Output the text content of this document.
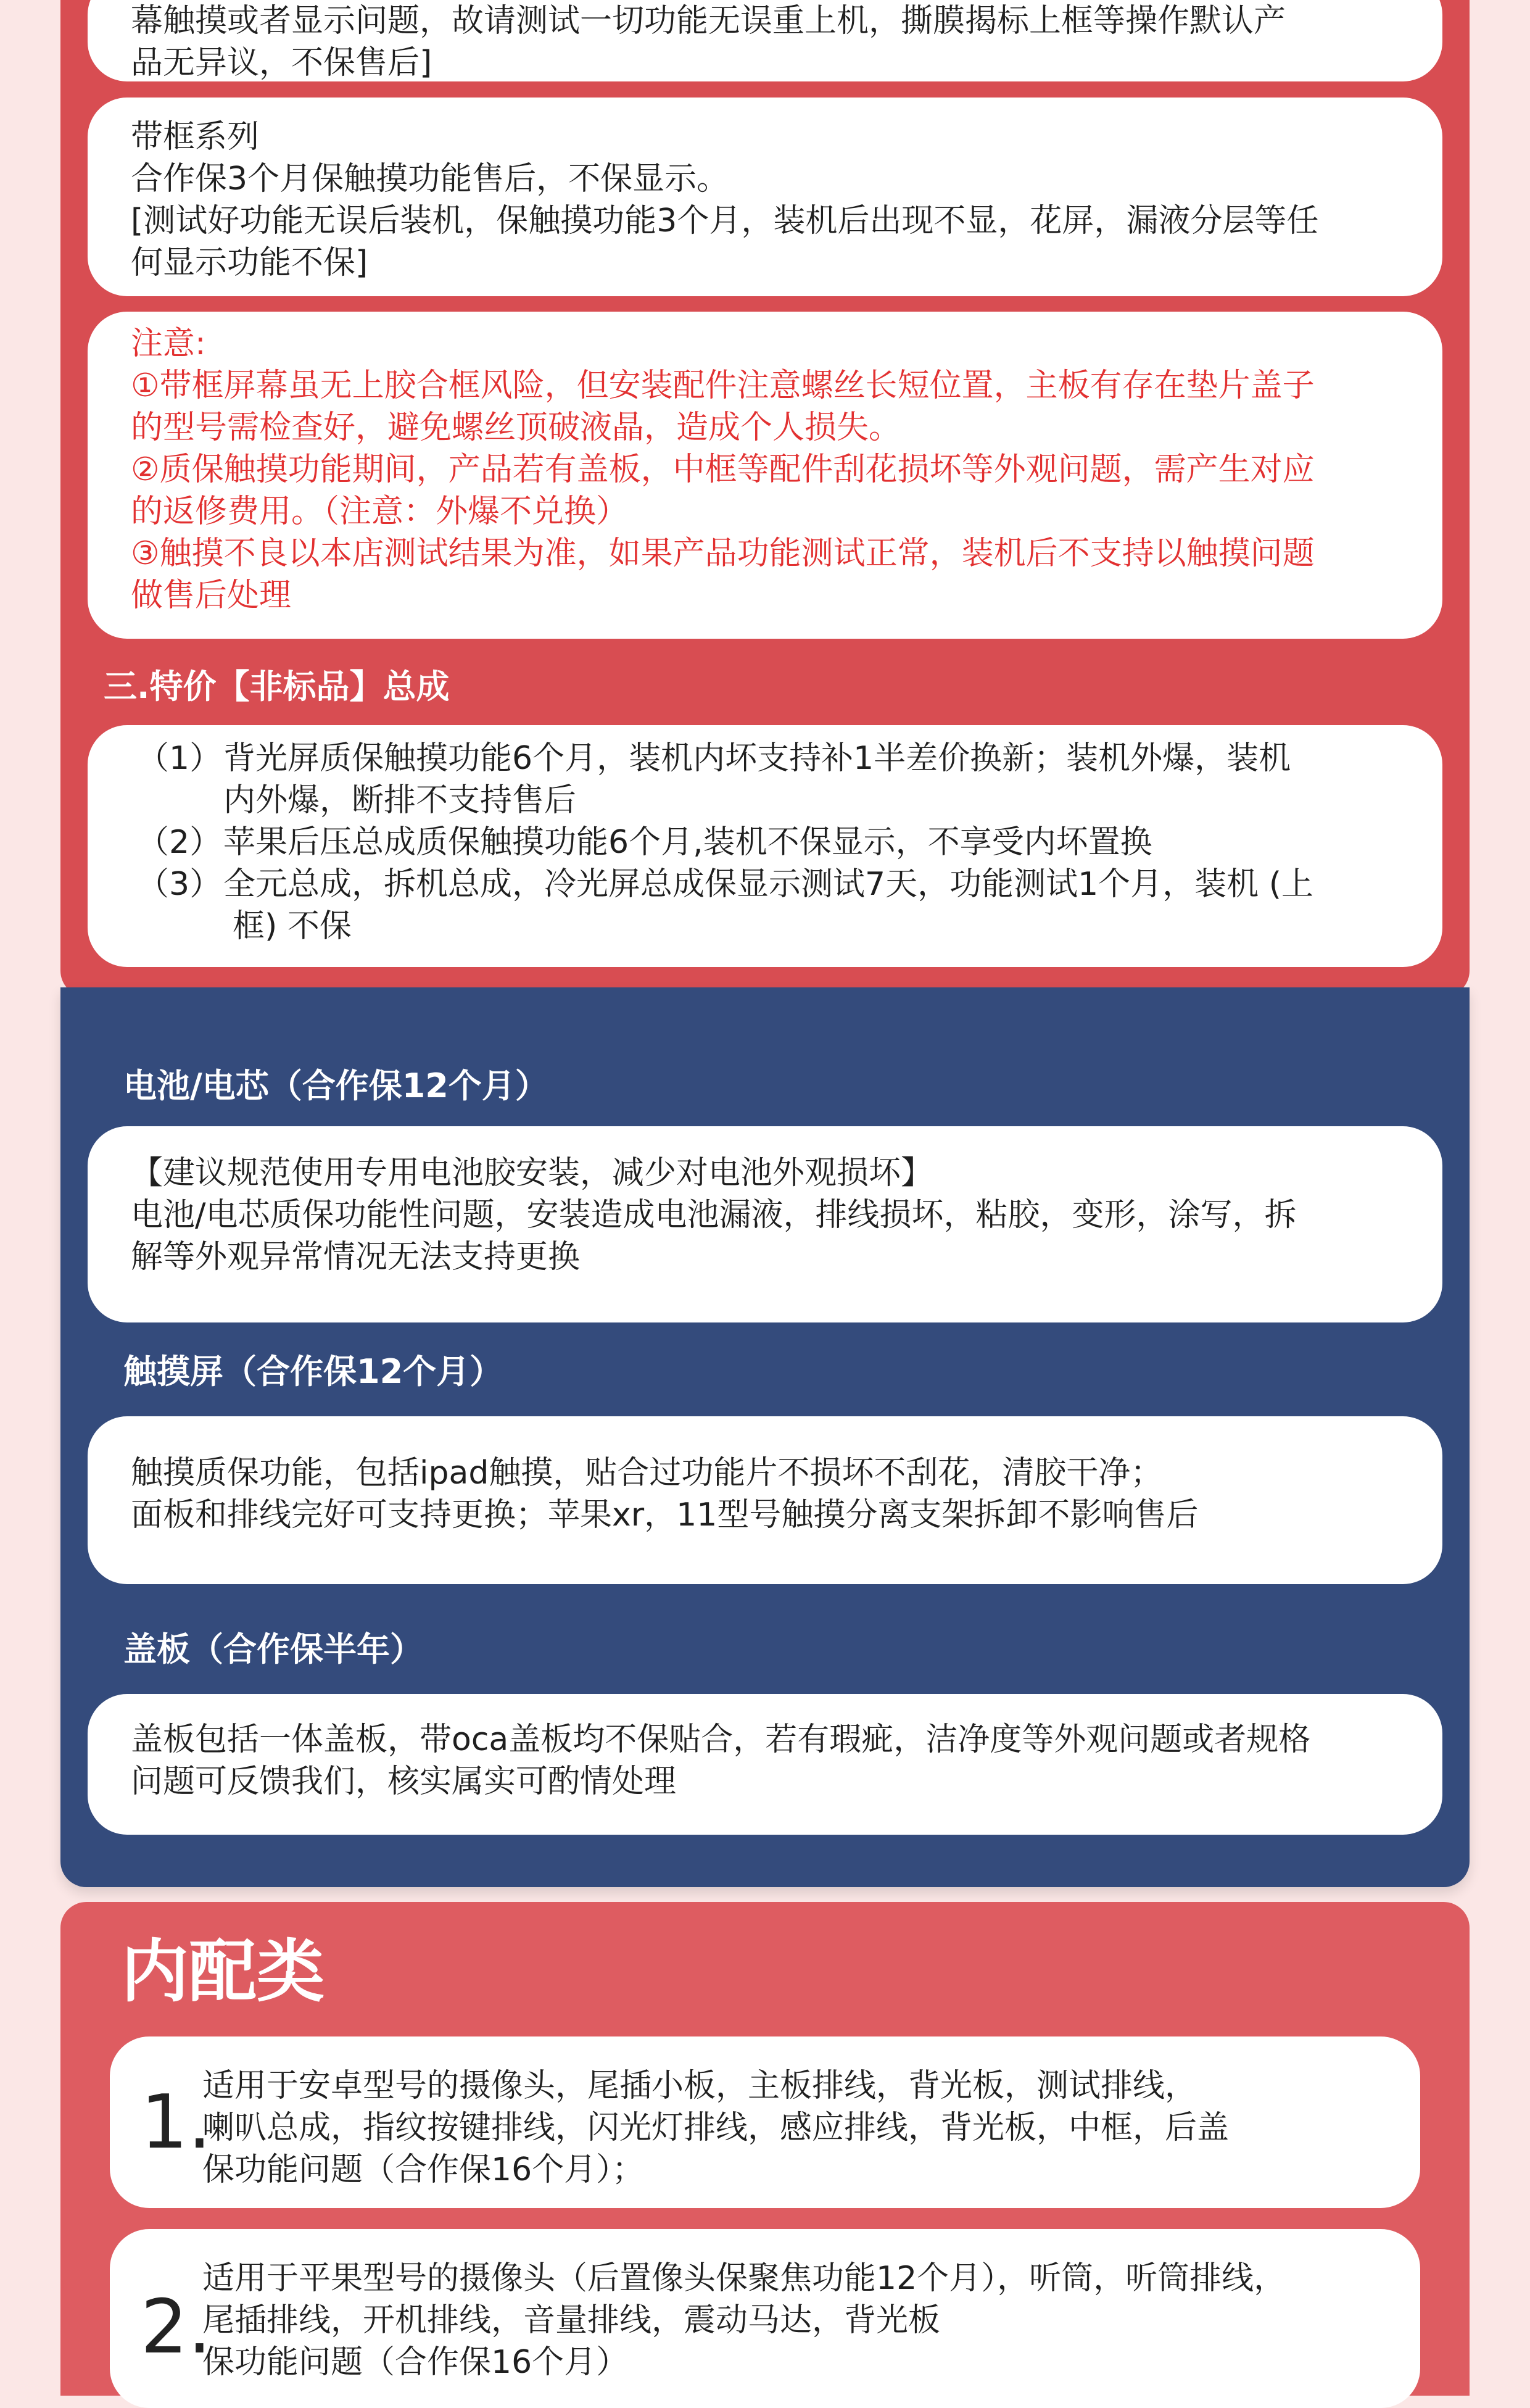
幕触摸或者显示问题，故请测试一切功能无误重上机，撕膜揭标上框等操作默认产

品无异议，不保售后]

带框系列

合作保3个月保触摸功能售后，不保显示。

[测试好功能无误后装机，保触摸功能3个月，装机后出现不显，花屏，漏液分层等任

何显示功能不保]

注意:

①带框屏幕虽无上胶合框风险，但安装配件注意螺丝长短位置，主板有存在垫片盖子

的型号需检查好，避免螺丝顶破液晶，造成个人损失。

②质保触摸功能期间，产品若有盖板，中框等配件刮花损坏等外观问题，需产生对应

的返修费用。（注意：外爆不兑换）

③触摸不良以本店测试结果为准，如果产品功能测试正常，装机后不支持以触摸问题

做售后处理

三.特价【非标品】总成
（1） 背光屏质保触摸功能6个月，装机内坏支持补1半差价换新；装机外爆，装机

内外爆，断排不支持售后

（2） 苹果后压总成质保触摸功能6个月,装机不保显示，不享受内坏置换

（3） 全元总成，拆机总成，冷光屏总成保显示测试7天，功能测试1个月，装机 (上

框) 不保

电池/电芯（合作保12个月）

【建议规范使用专用电池胶安装，减少对电池外观损坏】

电池/电芯质保功能性问题，安装造成电池漏液，排线损坏，粘胶，变形，涂写，拆

解等外观异常情况无法支持更换

触摸屏（合作保12个月）

触摸质保功能，包括ipad触摸，贴合过功能片不损坏不刮花，清胶干净；

面板和排线完好可支持更换；苹果xr，11型号触摸分离支架拆卸不影响售后

盖板（合作保半年）

盖板包括一体盖板，带oca盖板均不保贴合，若有瑕疵，洁净度等外观问题或者规格

问题可反馈我们，核实属实可酌情处理

内配类
1.

适用于安卓型号的摄像头，尾插小板，主板排线，背光板，测试排线，

喇叭总成，指纹按键排线，闪光灯排线，感应排线，背光板，中框，后盖

保功能问题（合作保16个月）；

2.

适用于平果型号的摄像头（后置像头保聚焦功能12个月），听筒，听筒排线，

尾插排线，开机排线，音量排线，震动马达，背光板

保功能问题（合作保16个月）
